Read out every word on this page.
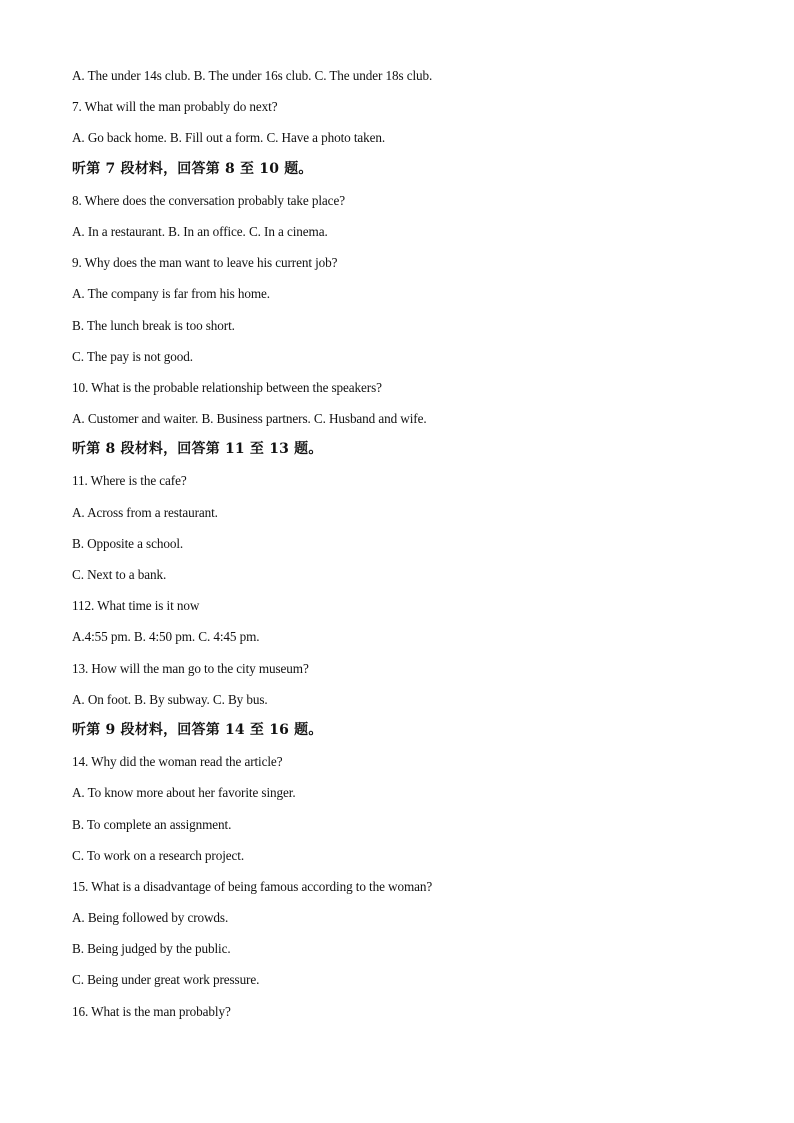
A. The under 14s club. B. The under 16s club. C. The under 18s club.
7. What will the man probably do next?
A. Go back home. B. Fill out a form. C. Have a photo taken.
听第 7 段材料，回答第 8 至 10 题。
8. Where does the conversation probably take place?
A. In a restaurant. B. In an office. C. In a cinema.
9. Why does the man want to leave his current job?
A. The company is far from his home.
B. The lunch break is too short.
C. The pay is not good.
10. What is the probable relationship between the speakers?
A. Customer and waiter. B. Business partners. C. Husband and wife.
听第 8 段材料，回答第 11 至 13 题。
11. Where is the cafe?
A. Across from a restaurant.
B. Opposite a school.
C. Next to a bank.
112. What time is it now
A.4:55 pm. B. 4:50 pm. C. 4:45 pm.
13. How will the man go to the city museum?
A. On foot. B. By subway. C. By bus.
听第 9 段材料，回答第 14 至 16 题。
14. Why did the woman read the article?
A. To know more about her favorite singer.
B. To complete an assignment.
C. To work on a research project.
15. What is a disadvantage of being famous according to the woman?
A. Being followed by crowds.
B. Being judged by the public.
C. Being under great work pressure.
16. What is the man probably?
